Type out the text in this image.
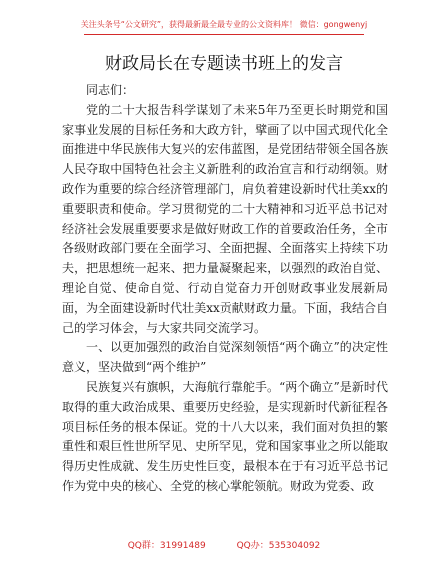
关注头条号“公文研究”，获得最新最全最专业的公文资料库！ 微信：gongwenyj
财政局长在专题读书班上的发言

同志们：

党的二十大报告科学谋划了未来5年乃至更长时期党和国家事业发展的目标任务和大政方针，擘画了以中国式现代化全面推进中华民族伟大复兴的宏伟蓝图，是党团结带领全国各族人民夺取中国特色社会主义新胜利的政治宣言和行动纲领。财政作为重要的综合经济管理部门，肩负着建设新时代壮美xx的重要职责和使命。学习贯彻党的二十大精神和习近平总书记对经济社会发展重要要求是做好财政工作的首要政治任务，全市各级财政部门要在全面学习、全面把握、全面落实上持续下功夫，把思想统一起来、把力量凝聚起来，以强烈的政治自觉、理论自觉、使命自觉、行动自觉奋力开创财政事业发展新局面，为全面建设新时代壮美xx贡献财政力量。下面，我结合自己的学习体会，与大家共同交流学习。

一、以更加强烈的政治自觉深刻领悟“两个确立”的决定性意义，坚决做到“两个维护”

民族复兴有旗帜，大海航行靠舵手。“两个确立”是新时代取得的重大政治成果、重要历史经验，是实现新时代新征程各项目标任务的根本保证。党的十八大以来，我们面对负担的繁重性和艰巨性世所罕见、史所罕见，党和国家事业之所以能取得历史性成就、发生历史性巨变，最根本在于有习近平总书记作为党中央的核心、全党的核心掌舵领航。财政为党委、政

QQ群：31991489	QQ办：535304092
